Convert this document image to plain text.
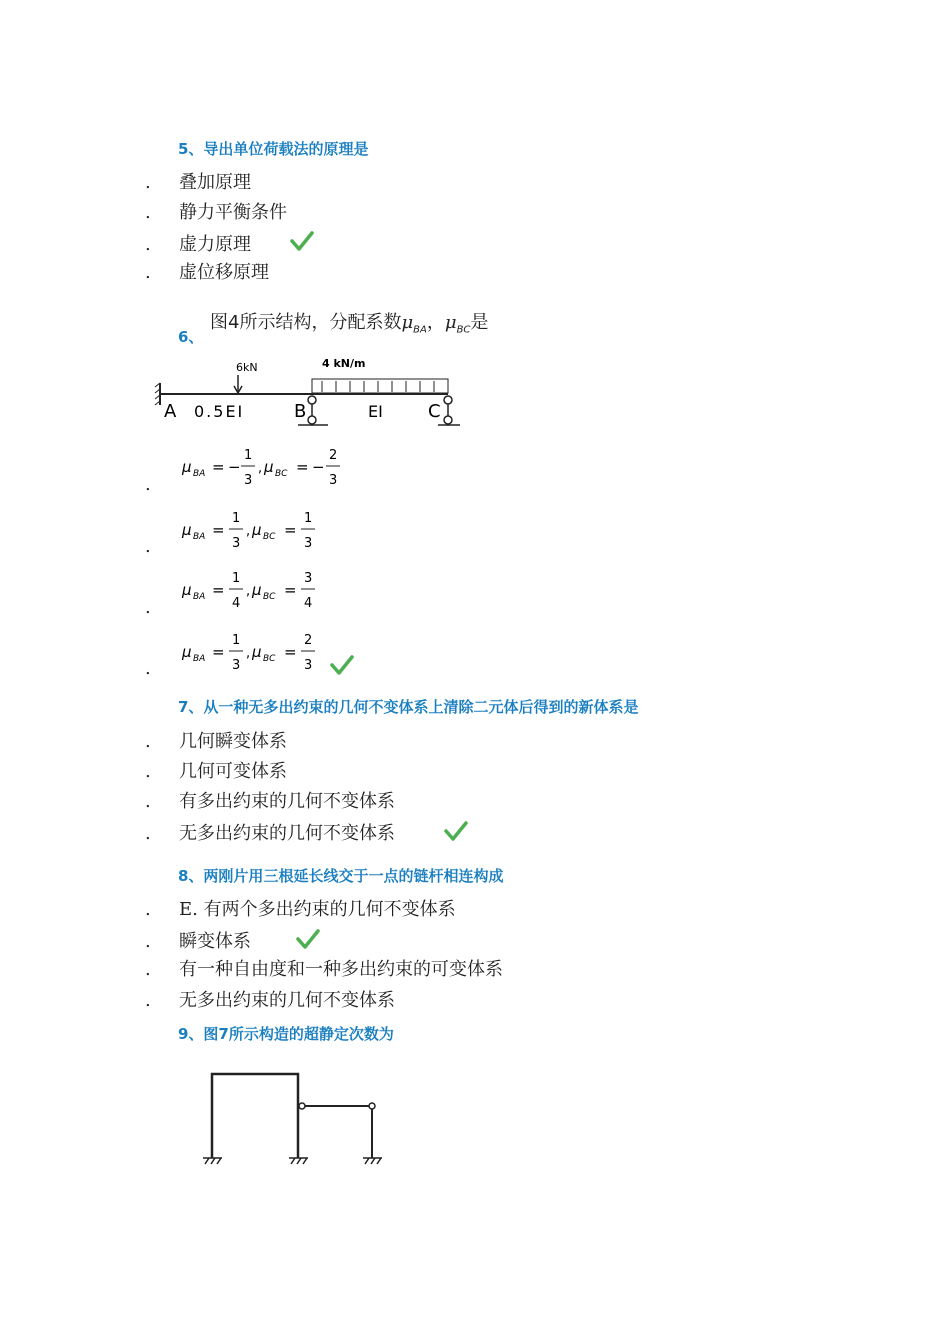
5、导出单位荷载法的原理是
. 叠加原理
. 静力平衡条件
. 虚力原理
. 虚位移原理
图4所示结构，分配系数$\mu_{BA}$，$\mu_{BC}$是
6、
6kN	4 kN/m
A 0.5EI	B	EI	C
μ BA = −
1
3
, μ BC = −
2
3
.
μ BA =
1
3
, μ BC =
1
3
.
μ BA =
1
4
, μ BC =
3
4
.
μ BA =
1
3
, μ BC =
2
3
.
7、从一种无多出约束的几何不变体系上清除二元体后得到的新体系是
. 几何瞬变体系
. 几何可变体系
. 有多出约束的几何不变体系
. 无多出约束的几何不变体系
8、两刚片用三根延长线交于一点的链杆相连构成
. E. 有两个多出约束的几何不变体系
. 瞬变体系
. 有一种自由度和一种多出约束的可变体系
. 无多出约束的几何不变体系
9、图7所示构造的超静定次数为
